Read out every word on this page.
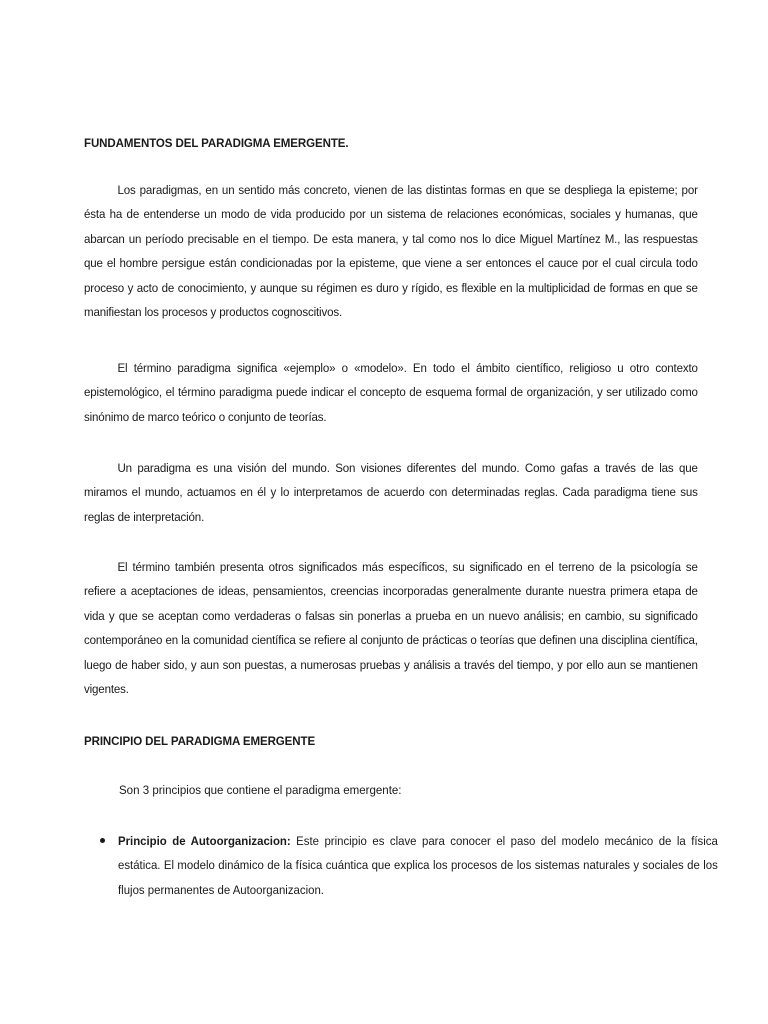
FUNDAMENTOS DEL PARADIGMA EMERGENTE.
Los paradigmas, en un sentido más concreto, vienen de las distintas formas en que se despliega la episteme; por ésta ha de entenderse un modo de vida producido por un sistema de relaciones económicas, sociales y humanas, que abarcan un período precisable en el tiempo. De esta manera, y tal como nos lo dice Miguel Martínez M., las respuestas que el hombre persigue están condicionadas por la episteme, que viene a ser entonces el cauce por el cual circula todo proceso y acto de conocimiento, y aunque su régimen es duro y rígido, es flexible en la multiplicidad de formas en que se manifiestan los procesos y productos cognoscitivos.
El término paradigma significa «ejemplo» o «modelo». En todo el ámbito científico, religioso u otro contexto epistemológico, el término paradigma puede indicar el concepto de esquema formal de organización, y ser utilizado como sinónimo de marco teórico o conjunto de teorías.
Un paradigma es una visión del mundo. Son visiones diferentes del mundo. Como gafas a través de las que miramos el mundo, actuamos en él y lo interpretamos de acuerdo con determinadas reglas. Cada paradigma tiene sus reglas de interpretación.
El término también presenta otros significados más específicos, su significado en el terreno de la psicología se refiere a aceptaciones de ideas, pensamientos, creencias incorporadas generalmente durante nuestra primera etapa de vida y que se aceptan como verdaderas o falsas sin ponerlas a prueba en un nuevo análisis; en cambio, su significado contemporáneo en la comunidad científica se refiere al conjunto de prácticas o teorías que definen una disciplina científica, luego de haber sido, y aun son puestas, a numerosas pruebas y análisis a través del tiempo, y por ello aun se mantienen vigentes.
PRINCIPIO DEL PARADIGMA EMERGENTE
Son 3 principios que contiene el paradigma emergente:
Principio de Autoorganizacion: Este principio es clave para conocer el paso del modelo mecánico de la física estática. El modelo dinámico de la física cuántica que explica los procesos de los sistemas naturales y sociales de los flujos permanentes de Autoorganizacion.
